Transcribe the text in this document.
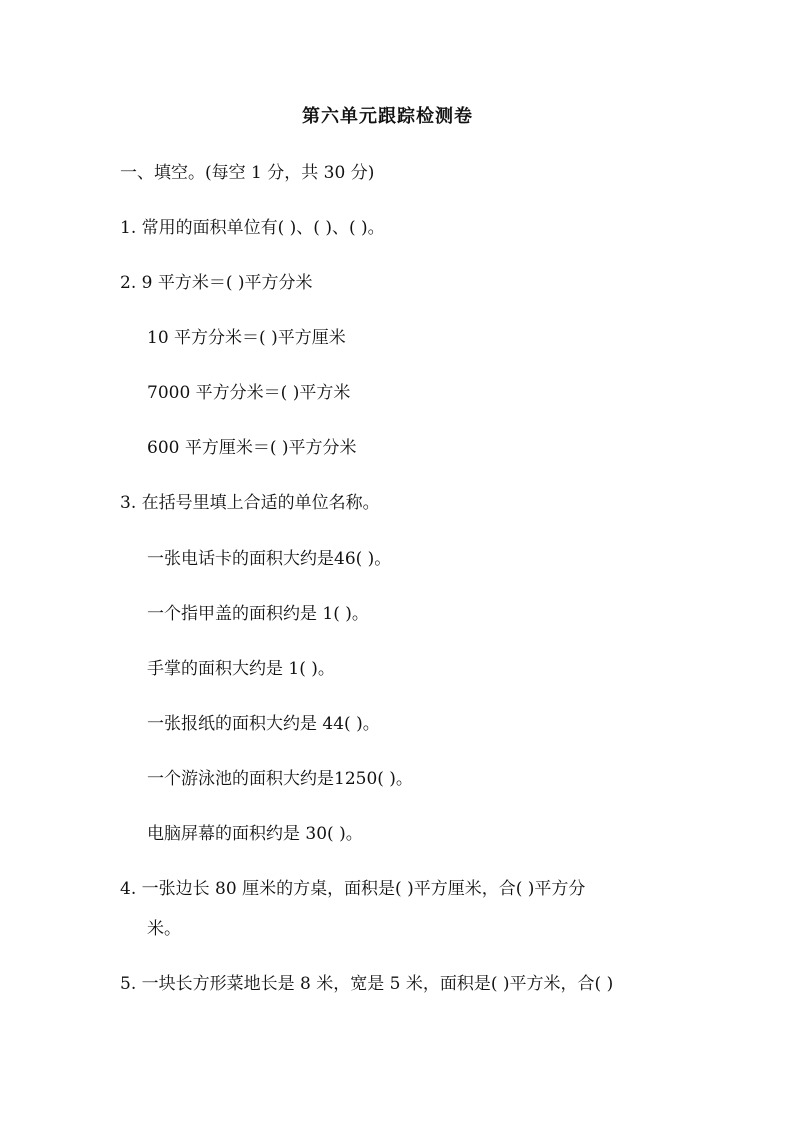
第六单元跟踪检测卷
一、填空。(每空 1 分，共 30 分)
1. 常用的面积单位有( )、( )、( )。
2. 9 平方米＝( )平方分米
10 平方分米＝( )平方厘米
7000 平方分米＝( )平方米
600 平方厘米＝( )平方分米
3. 在括号里填上合适的单位名称。
一张电话卡的面积大约是46( )。
一个指甲盖的面积约是 1( )。
手掌的面积大约是 1( )。
一张报纸的面积大约是 44( )。
一个游泳池的面积大约是1250( )。
电脑屏幕的面积约是 30( )。
4. 一张边长 80 厘米的方桌，面积是( )平方厘米，合( )平方分
米。
5. 一块长方形菜地长是 8 米，宽是 5 米，面积是( )平方米，合( )
